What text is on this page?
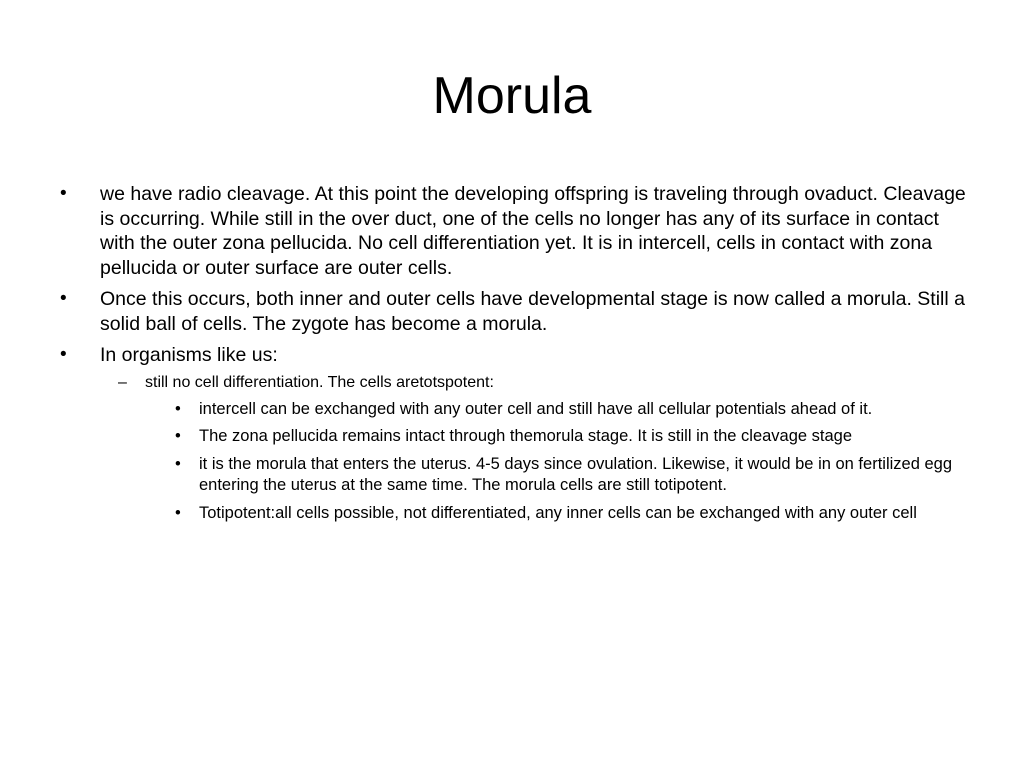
Morula
• we have radio cleavage. At this point the developing offspring is traveling through ovaduct. Cleavage is occurring. While still in the over duct, one of the cells no longer has any of its surface in contact with the outer zona pellucida. No cell differentiation yet. It is in intercell, cells in contact with zona pellucida or outer surface are outer cells.
• Once this occurs, both inner and outer cells have developmental stage is now called a morula. Still a solid ball of cells. The zygote has become a morula.
• In organisms like us:
– still no cell differentiation. The cells aretotspotent:
• intercell can be exchanged with any outer cell and still have all cellular potentials ahead of it.
• The zona pellucida remains intact through themorula stage. It is still in the cleavage stage
• it is the morula that enters the uterus. 4-5 days since ovulation. Likewise, it would be in on fertilized egg entering the uterus at the same time. The morula cells are still totipotent.
• Totipotent:all cells possible, not differentiated, any inner cells can be exchanged with any outer cell
